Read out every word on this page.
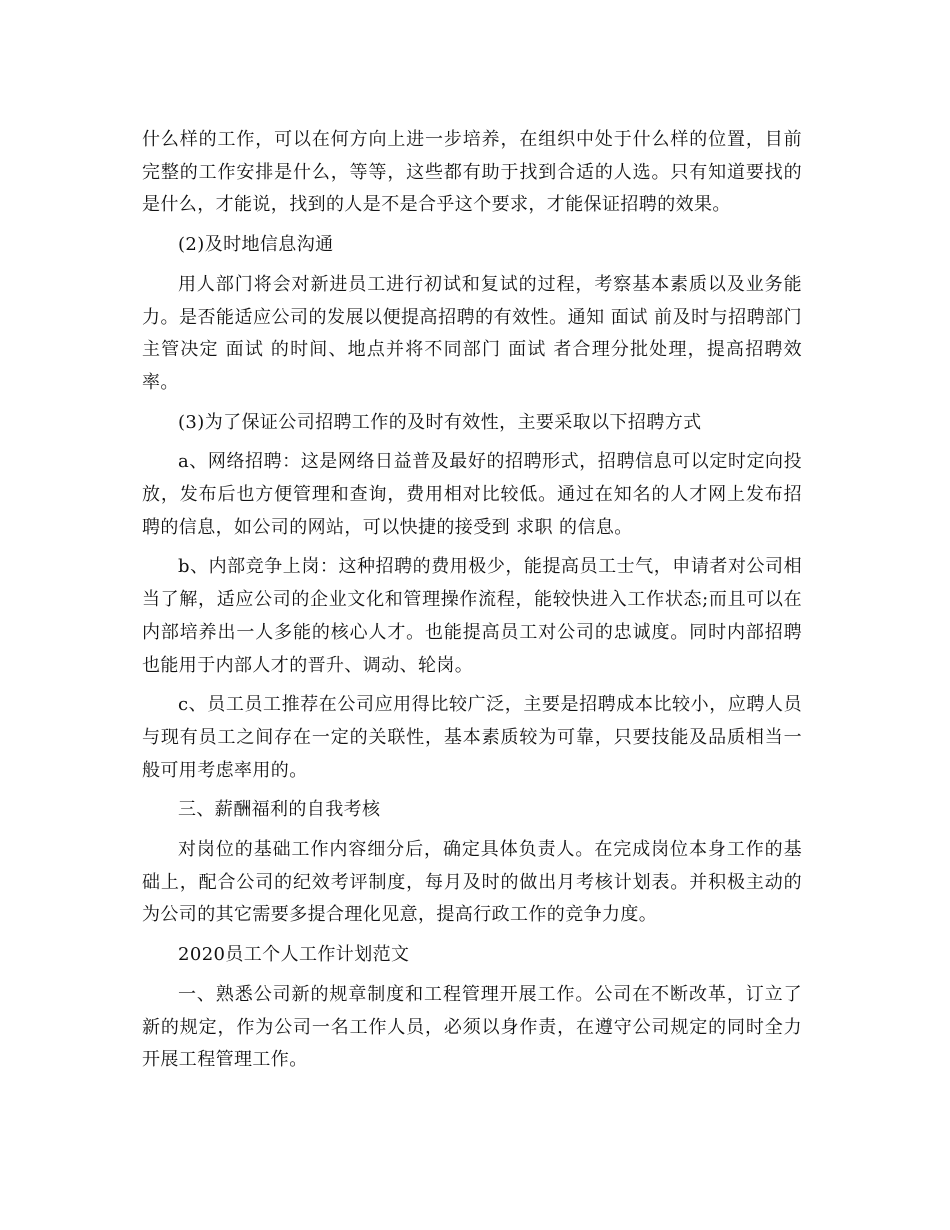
什么样的工作，可以在何方向上进一步培养，在组织中处于什么样的位置，目前完整的工作安排是什么，等等，这些都有助于找到合适的人选。只有知道要找的是什么，才能说，找到的人是不是合乎这个要求，才能保证招聘的效果。

(2)及时地信息沟通

用人部门将会对新进员工进行初试和复试的过程，考察基本素质以及业务能力。是否能适应公司的发展以便提高招聘的有效性。通知 面试 前及时与招聘部门主管决定 面试 的时间、地点并将不同部门 面试 者合理分批处理，提高招聘效率。

(3)为了保证公司招聘工作的及时有效性，主要采取以下招聘方式

a、网络招聘：这是网络日益普及最好的招聘形式，招聘信息可以定时定向投放，发布后也方便管理和查询，费用相对比较低。通过在知名的人才网上发布招聘的信息，如公司的网站，可以快捷的接受到 求职 的信息。

b、内部竞争上岗：这种招聘的费用极少，能提高员工士气，申请者对公司相当了解，适应公司的企业文化和管理操作流程，能较快进入工作状态;而且可以在内部培养出一人多能的核心人才。也能提高员工对公司的忠诚度。同时内部招聘也能用于内部人才的晋升、调动、轮岗。

c、员工员工推荐在公司应用得比较广泛，主要是招聘成本比较小，应聘人员与现有员工之间存在一定的关联性，基本素质较为可靠，只要技能及品质相当一般可用考虑率用的。

三、薪酬福利的自我考核

对岗位的基础工作内容细分后，确定具体负责人。在完成岗位本身工作的基础上，配合公司的纪效考评制度，每月及时的做出月考核计划表。并积极主动的为公司的其它需要多提合理化见意，提高行政工作的竞争力度。

2020员工个人工作计划范文

一、熟悉公司新的规章制度和工程管理开展工作。公司在不断改革，订立了新的规定，作为公司一名工作人员，必须以身作责，在遵守公司规定的同时全力开展工程管理工作。
